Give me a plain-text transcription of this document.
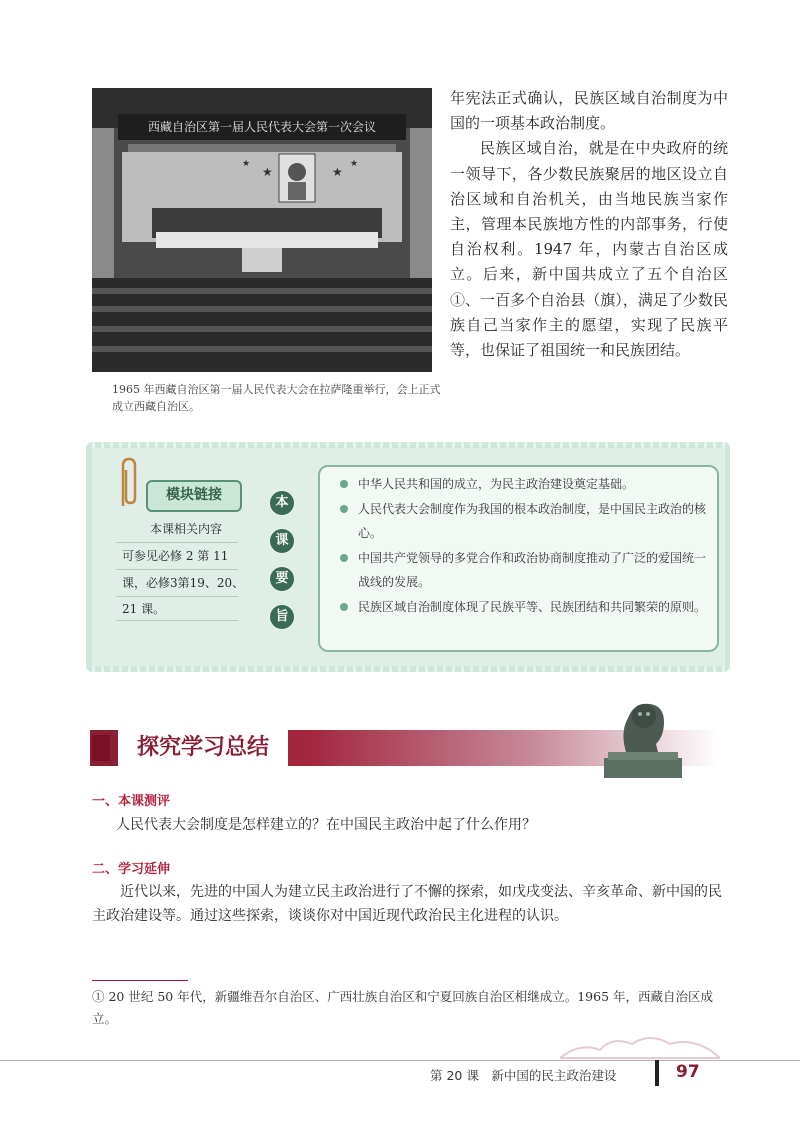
西藏自治区第一届人民代表大会第一次会议
★
★
★
★
1965 年西藏自治区第一届人民代表大会在拉萨隆重举行，会上正式成立西藏自治区。

年宪法正式确认，民族区域自治制度为中国的一项基本政治制度。

民族区域自治，就是在中央政府的统一领导下，各少数民族聚居的地区设立自治区域和自治机关，由当地民族当家作主，管理本民族地方性的内部事务，行使自治权利。1947 年，内蒙古自治区成立。后来，新中国共成立了五个自治区①、一百多个自治县（旗），满足了少数民族自己当家作主的愿望，实现了民族平等，也保证了祖国统一和民族团结。

模块链接
本课相关内容
可参见必修 2 第 11
课，必修3第19、20、
21 课。
本
课
要
旨
中华人民共和国的成立，为民主政治建设奠定基础。
人民代表大会制度作为我国的根本政治制度，是中国民主政治的核心。
中国共产党领导的多党合作和政治协商制度推动了广泛的爱国统一战线的发展。
民族区域自治制度体现了民族平等、民族团结和共同繁荣的原则。
探究学习总结
一、本课测评
人民代表大会制度是怎样建立的？在中国民主政治中起了什么作用？
二、学习延伸
近代以来，先进的中国人为建立民主政治进行了不懈的探索，如戊戌变法、辛亥革命、新中国的民主政治建设等。通过这些探索，谈谈你对中国近现代政治民主化进程的认识。
① 20 世纪 50 年代，新疆维吾尔自治区、广西壮族自治区和宁夏回族自治区相继成立。1965 年，西藏自治区成立。
第 20 课　新中国的民主政治建设	97
